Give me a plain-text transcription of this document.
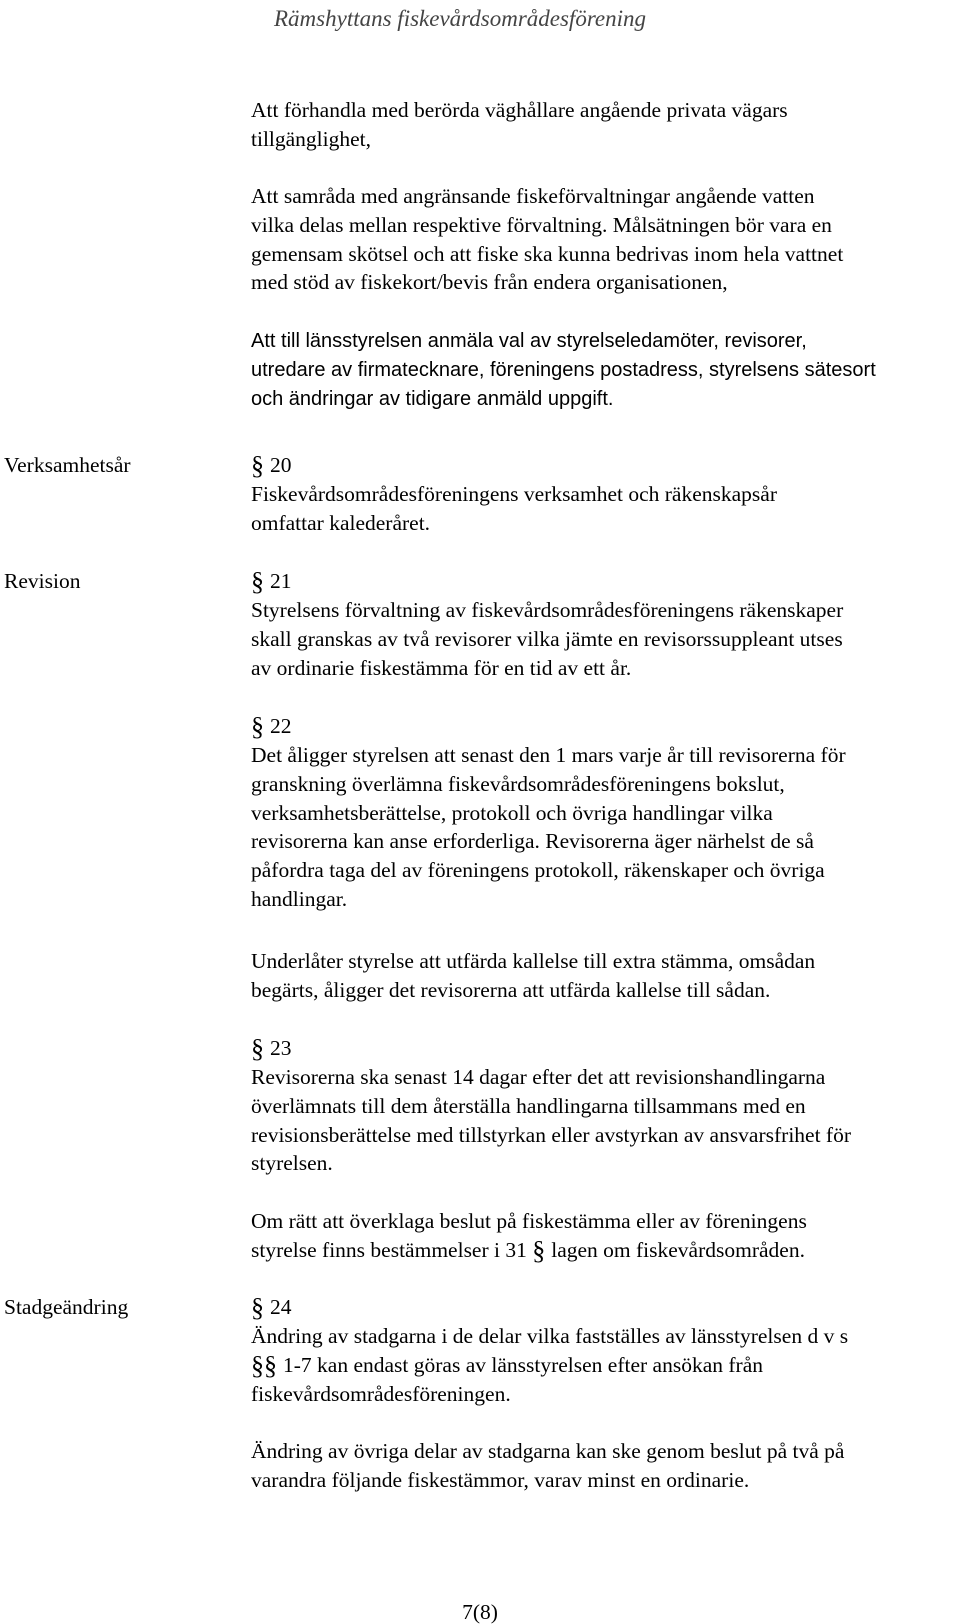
Rämshyttans fiskevårdsområdesförening

Att förhandla med berörda väghållare angående privata vägars
tillgänglighet,

Att samråda med angränsande fiskeförvaltningar angående vatten
vilka delas mellan respektive förvaltning. Målsätningen bör vara en
gemensam skötsel och att fiske ska kunna bedrivas inom hela vattnet
med stöd av fiskekort/bevis från endera organisationen,

Att till länsstyrelsen anmäla val av styrelseledamöter, revisorer,
utredare av firmatecknare, föreningens postadress, styrelsens sätesort
och ändringar av tidigare anmäld uppgift.

Verksamhetsår	§ 20
Fiskevårdsområdesföreningens verksamhet och räkenskapsår
omfattar kalederåret.
Revision	§ 21
Styrelsens förvaltning av fiskevårdsområdesföreningens räkenskaper
skall granskas av två revisorer vilka jämte en revisorssuppleant utses
av ordinarie fiskestämma för en tid av ett år.
§ 22
Det åligger styrelsen att senast den 1 mars varje år till revisorerna för
granskning överlämna fiskevårdsområdesföreningens bokslut,
verksamhetsberättelse, protokoll och övriga handlingar vilka
revisorerna kan anse erforderliga. Revisorerna äger närhelst de så
påfordra taga del av föreningens protokoll, räkenskaper och övriga
handlingar.
Underlåter styrelse att utfärda kallelse till extra stämma, omsådan
begärts, åligger det revisorerna att utfärda kallelse till sådan.
§ 23
Revisorerna ska senast 14 dagar efter det att revisionshandlingarna
överlämnats till dem återställa handlingarna tillsammans med en
revisionsberättelse med tillstyrkan eller avstyrkan av ansvarsfrihet för
styrelsen.
Om rätt att överklaga beslut på fiskestämma eller av föreningens
styrelse finns bestämmelser i 31 § lagen om fiskevårdsområden.
Stadgeändring	§ 24
Ändring av stadgarna i de delar vilka fastställes av länsstyrelsen d v s
§§ 1-7 kan endast göras av länsstyrelsen efter ansökan från
fiskevårdsområdesföreningen.
Ändring av övriga delar av stadgarna kan ske genom beslut på två på
varandra följande fiskestämmor, varav minst en ordinarie.
7(8)
